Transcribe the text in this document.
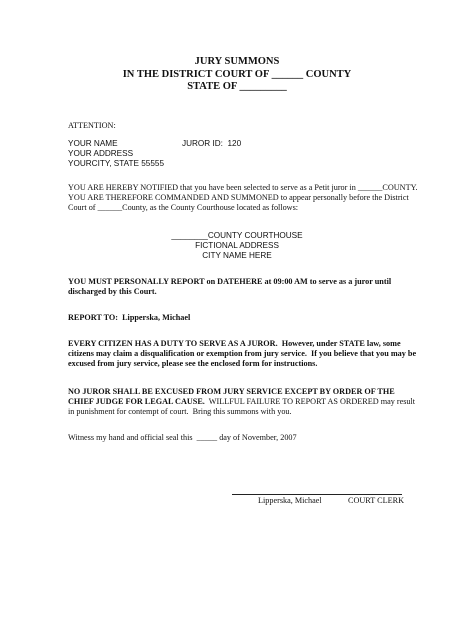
JURY SUMMONS
IN THE DISTRICT COURT OF ______ COUNTY
STATE OF _________
ATTENTION:
YOUR NAME	JUROR ID:  120
YOUR ADDRESS
YOURCITY, STATE 55555
YOU ARE HEREBY NOTIFIED that you have been selected to serve as a Petit juror in ______COUNTY.
YOU ARE THEREFORE COMMANDED AND SUMMONED to appear personally before the District
Court of ______County, as the County Courthouse located as follows:
________COUNTY COURTHOUSE
FICTIONAL ADDRESS
CITY NAME HERE
YOU MUST PERSONALLY REPORT on DATEHERE at 09:00 AM to serve as a juror until
discharged by this Court.
REPORT TO:  Lipperska, Michael
EVERY CITIZEN HAS A DUTY TO SERVE AS A JUROR.  However, under STATE law, some
citizens may claim a disqualification or exemption from jury service.  If you believe that you may be
excused from jury service, please see the enclosed form for instructions.
NO JUROR SHALL BE EXCUSED FROM JURY SERVICE EXCEPT BY ORDER OF THE
CHIEF JUDGE FOR LEGAL CAUSE.  WILLFUL FAILURE TO REPORT AS ORDERED may result
in punishment for contempt of court.  Bring this summons with you.
Witness my hand and official seal this  _____ day of November, 2007
Lipperska, Michael	COURT CLERK
